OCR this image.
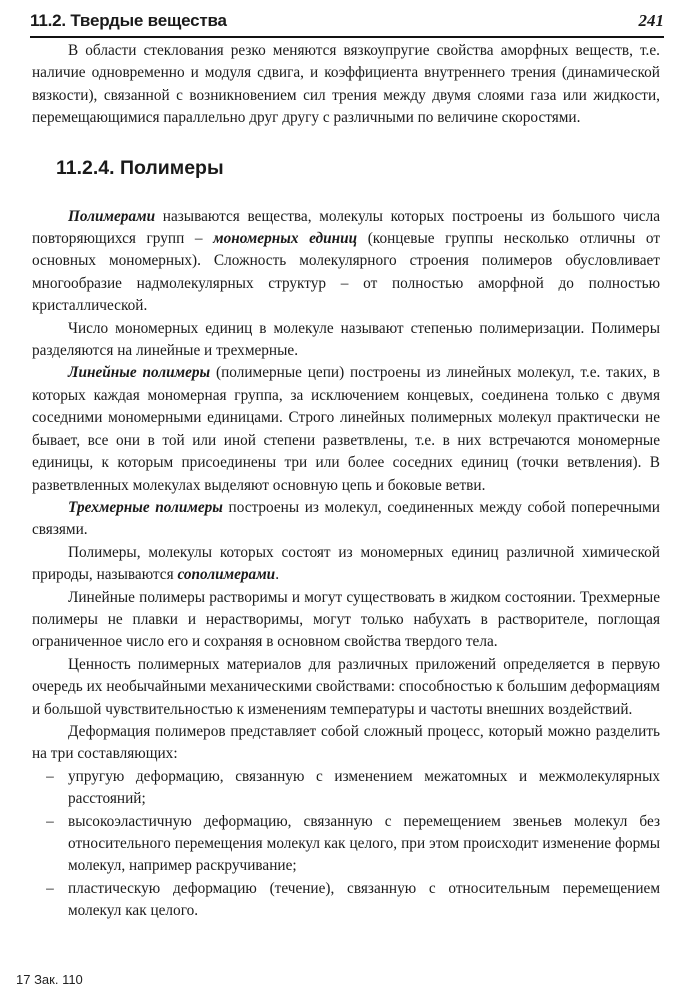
11.2. Твердые вещества	241

В области стеклования резко меняются вязкоупругие свойства аморфных веществ, т.е. наличие одновременно и модуля сдвига, и коэффициента внутреннего трения (динамической вязкости), связанной с возникновением сил трения между двумя слоями газа или жидкости, перемещающимися параллельно друг другу с различными по величине скоростями.

11.2.4. Полимеры

Полимерами называются вещества, молекулы которых построены из большого числа повторяющихся групп – мономерных единиц (концевые группы несколько отличны от основных мономерных). Сложность молекулярного строения полимеров обусловливает многообразие надмолекулярных структур – от полностью аморфной до полностью кристаллической.

Число мономерных единиц в молекуле называют степенью полимеризации. Полимеры разделяются на линейные и трехмерные.

Линейные полимеры (полимерные цепи) построены из линейных молекул, т.е. таких, в которых каждая мономерная группа, за исключением концевых, соединена только с двумя соседними мономерными единицами. Строго линейных полимерных молекул практически не бывает, все они в той или иной степени разветвлены, т.е. в них встречаются мономерные единицы, к которым присоединены три или более соседних единиц (точки ветвления). В разветвленных молекулах выделяют основную цепь и боковые ветви.

Трехмерные полимеры построены из молекул, соединенных между собой поперечными связями.

Полимеры, молекулы которых состоят из мономерных единиц различной химической природы, называются сополимерами.

Линейные полимеры растворимы и могут существовать в жидком состоянии. Трехмерные полимеры не плавки и нерастворимы, могут только набухать в растворителе, поглощая ограниченное число его и сохраняя в основном свойства твердого тела.

Ценность полимерных материалов для различных приложений определяется в первую очередь их необычайными механическими свойствами: способностью к большим деформациям и большой чувствительностью к изменениям температуры и частоты внешних воздействий.

Деформация полимеров представляет собой сложный процесс, который можно разделить на три составляющих:

– упругую деформацию, связанную с изменением межатомных и межмолекулярных расстояний;
– высокоэластичную деформацию, связанную с перемещением звеньев молекул без относительного перемещения молекул как целого, при этом происходит изменение формы молекул, например раскручивание;
– пластическую деформацию (течение), связанную с относительным перемещением молекул как целого.
17 Зак. 110
